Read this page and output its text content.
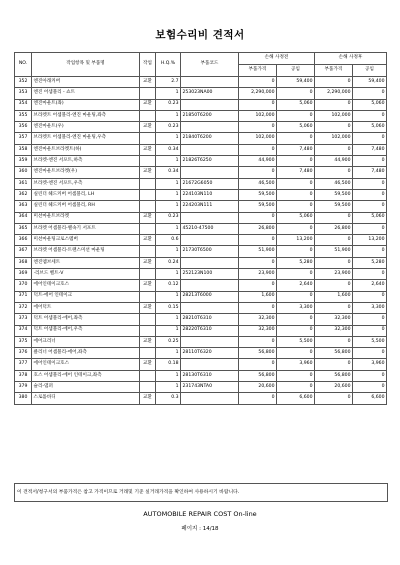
보험수리비 견적서
NO.	작업항목 및 부품명	작업	H.Q.%	부품코드	손해 사정전		손해 사정후	
					부품가격	공임	부품가격	공임
352	엔진아래커버	교환	2.7		0	59,400	0	59,400
353	엔진 어셈블리 - 쇼트		1	253023NA00	2,290,000	0	2,290,000	0
354	엔진마운트(좌)	교환	0.23		0	5,060	0	5,060
355	브라켓트 어셈블리-엔진 마운팅,좌측		1	21850T6200	102,000	0	102,000	0
356	엔진마운트(우)	교환	0.23		0	5,060	0	5,060
357	브라켓트 어셈블리-엔진 마운팅,우측		1	21840T6200	102,000	0	102,000	0
358	엔진마운트브라켓트(하)	교환	0.34		0	7,480	0	7,480
359	브라켓-엔진 서포트,하측		1	21826T6250	44,900	0	44,900	0
360	엔진마운트브라켓(우)	교환	0.34		0	7,480	0	7,480
361	브라켓-엔진 서포트,우측		1	21672G6050	46,500	0	46,500	0
362	실린더 헤드커버 어셈블리, LH		1	224103N110	59,500	0	59,500	0
363	실린더 헤드커버 어셈블리, RH		1	224203N111	59,500	0	59,500	0
364	미션마운트브라켓	교환	0.23		0	5,060	0	5,060
365	브라켓 어셈블리-밸속기 서포트		1	45210-47500	26,800	0	26,800	0
366	미션마운팅크로스멤버	교환	0.6		0	13,200	0	13,200
367	브라켓 어셈블리-트랜스미션 마운팅		1	21730T6500	51,900	0	51,900	0
368	엔진멤브세트	교환	0.24		0	5,280	0	5,280
369	·리브드 벨트-V		1	252123N100	23,900	0	23,900	0
370	에어인테이크호스	교환	0.12		0	2,640	0	2,640
371	덕트-에어 인테이크		1	28213T6000	1,600	0	1,600	0
372	에어덕트	교환	0.15		0	3,300	0	3,300
373	덕트 어셈블리-에어,좌측		1	28210T6310	32,300	0	32,300	0
374	덕트 어셈블리-에어,우측		1	28220T6310	32,300	0	32,300	0
375	에어크리너	교환	0.25		0	5,500	0	5,500
376	클리너 어셈블리-에어,좌측		1	28110T6320	56,800	0	56,800	0
377	에어인테이크호스	교환	0.18		0	3,960	0	3,960
378	호스 어셈블리-에어 인테이크,좌측		1	28130T6310	56,800	0	56,800	0
379	슬리-댐퍼		1	231743NTA0	20,600	0	20,600	0
380	스로틀바디	교환	0.3		0	6,600	0	6,600
이 견적서/청구서의 부품가격은 참고 가격이므로 거래및 기준 실거래가격을 확인하여 사용하시기 바랍니다.
AUTOMOBILE REPAIR COST On-line
페이지 : 14/18
